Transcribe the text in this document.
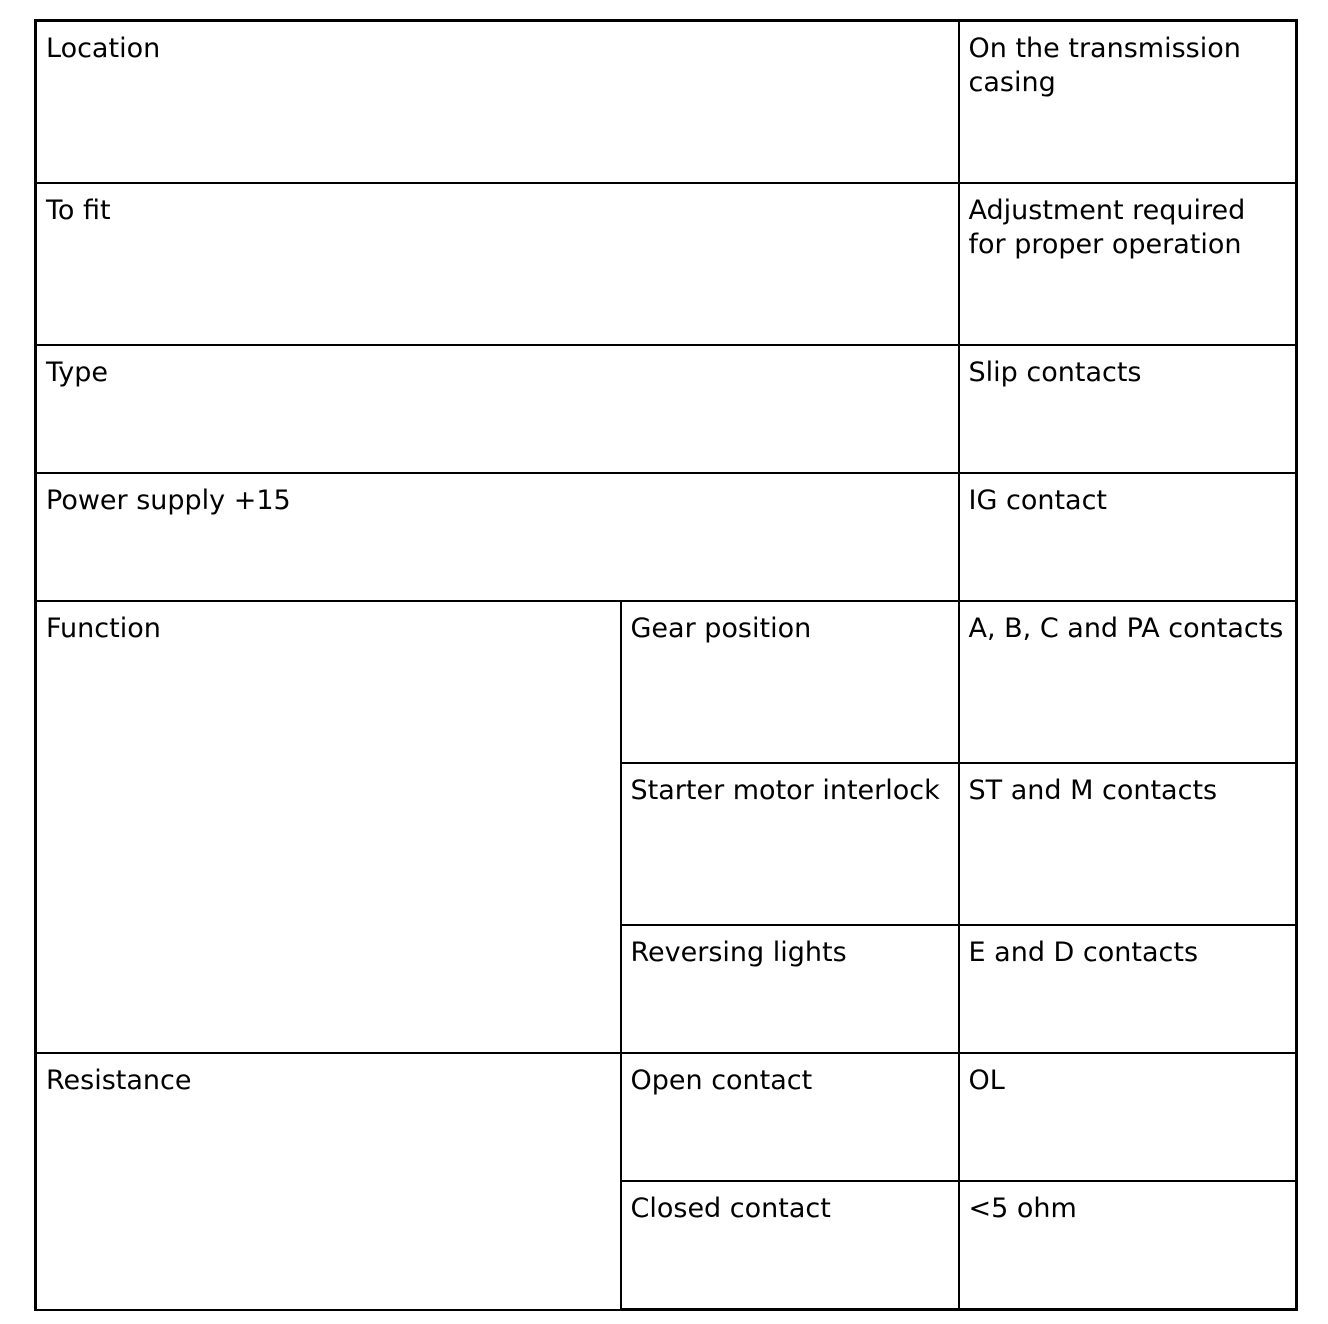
Location		On the transmission casing
To fit		Adjustment required for proper operation
Type		Slip contacts
Power supply +15		IG contact
Function	Gear position	A, B, C and PA contacts
	Starter motor interlock	ST and M contacts
	Reversing lights	E and D contacts
Resistance	Open contact	OL
	Closed contact	<5 ohm
